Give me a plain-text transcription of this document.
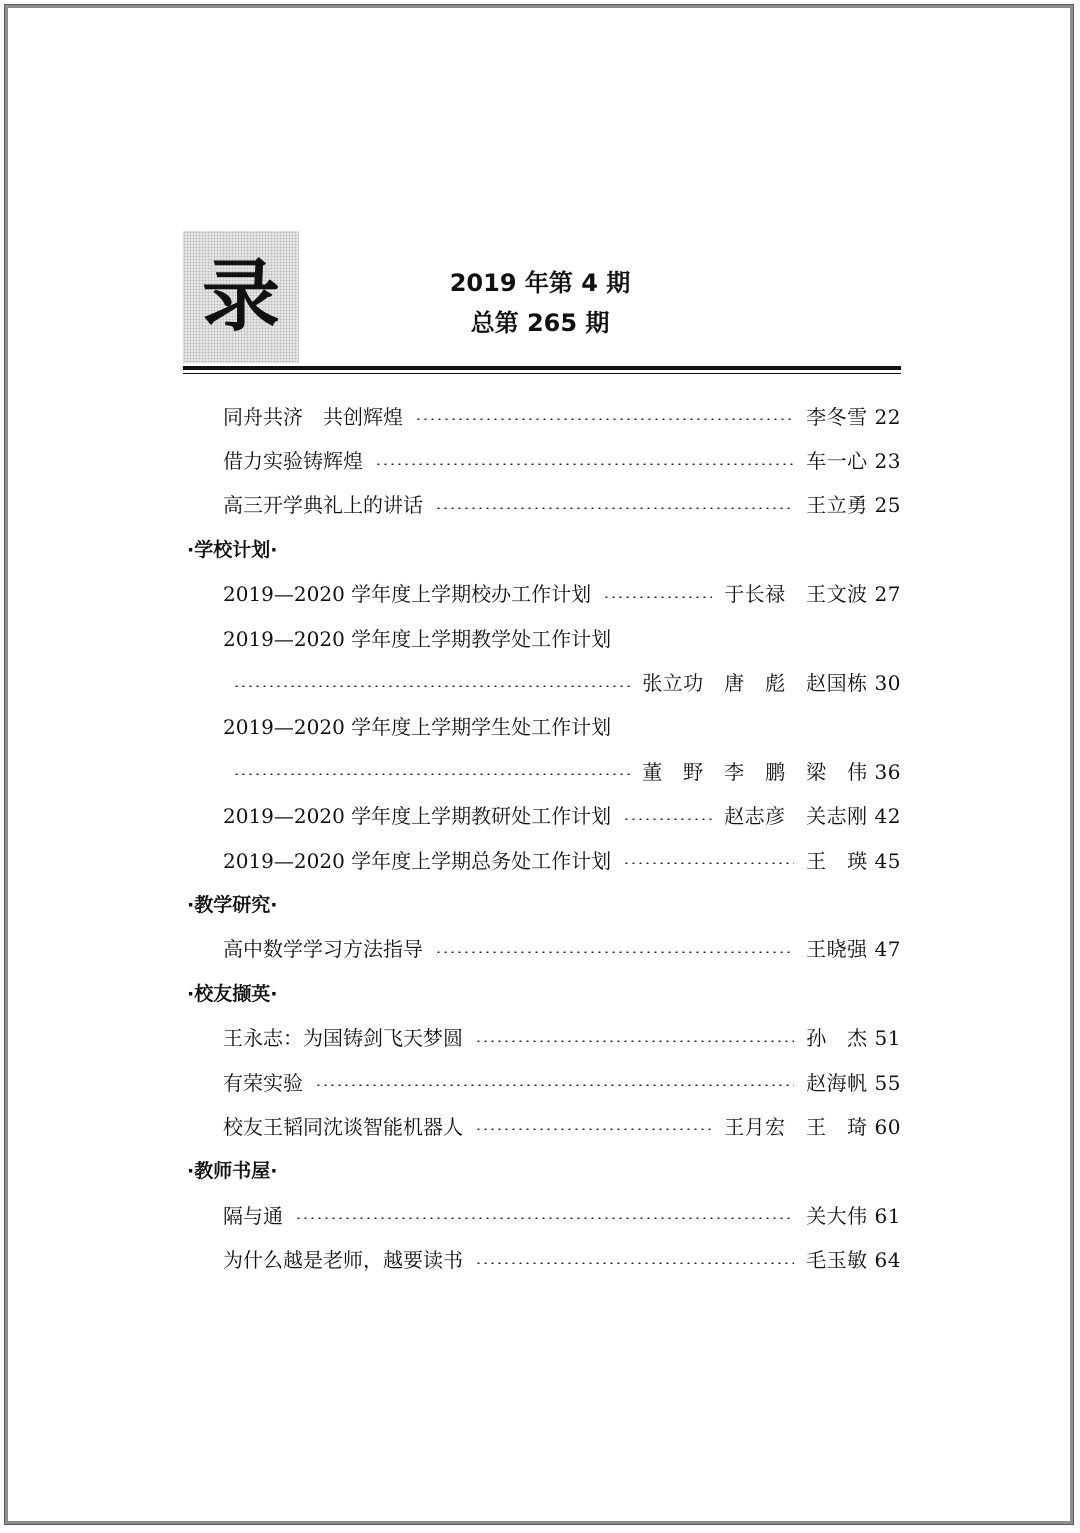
录	2019 年第 4 期
总第 265 期
同舟共济　共创辉煌	李冬雪 22
借力实验铸辉煌	车一心 23
高三开学典礼上的讲话	王立勇 25
·学校计划·
2019—2020 学年度上学期校办工作计划	于长禄　王文波 27
2019—2020 学年度上学期教学处工作计划
张立功　唐　彪　赵国栋 30
2019—2020 学年度上学期学生处工作计划
董　野　李　鹏　梁　伟 36
2019—2020 学年度上学期教研处工作计划	赵志彦　关志刚 42
2019—2020 学年度上学期总务处工作计划	王　瑛 45
·教学研究·
高中数学学习方法指导	王晓强 47
·校友撷英·
王永志：为国铸剑飞天梦圆	孙　杰 51
有荣实验	赵海帆 55
校友王韬同沈谈智能机器人	王月宏　王　琦 60
·教师书屋·
隔与通	关大伟 61
为什么越是老师，越要读书	毛玉敏 64
